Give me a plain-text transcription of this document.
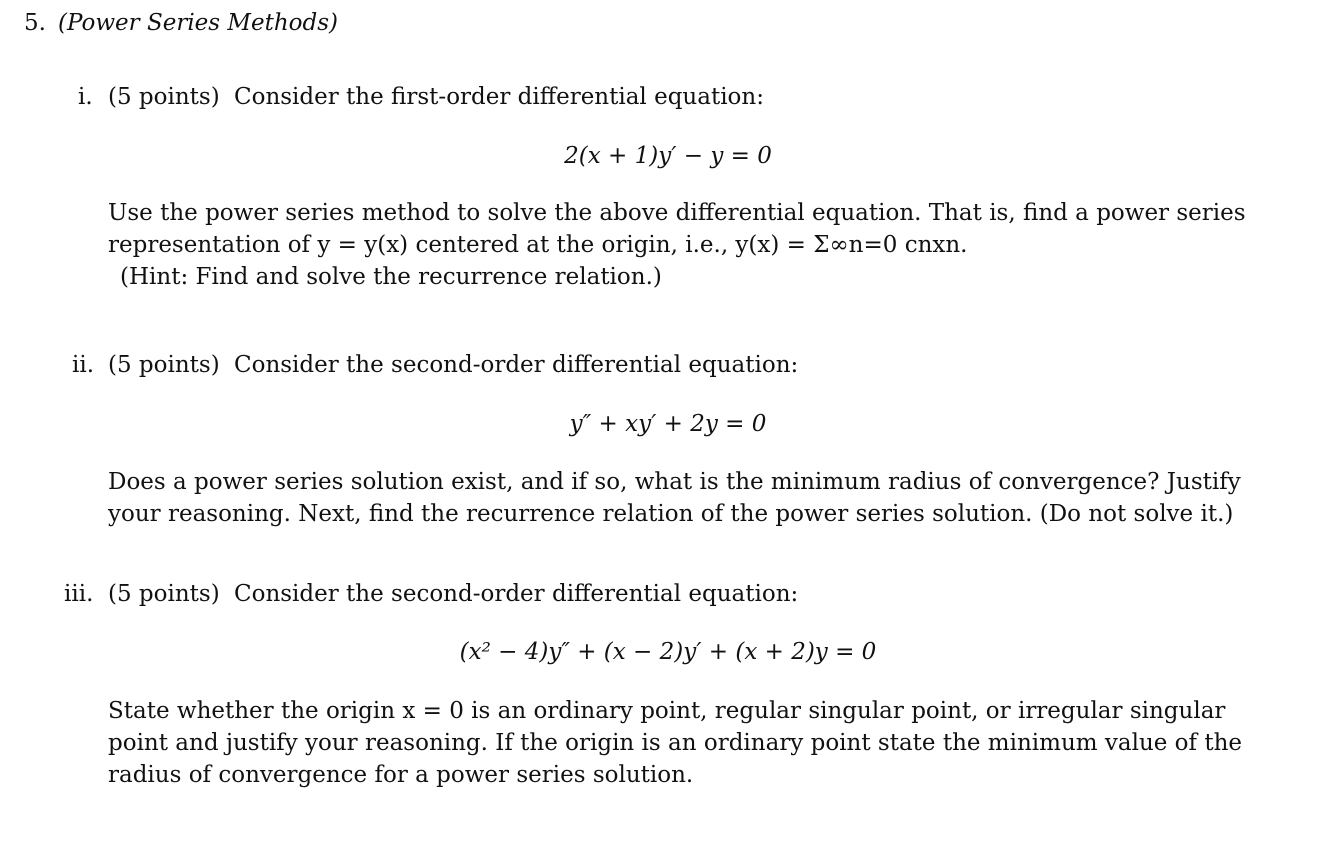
5. (Power Series Methods)
i. (5 points) Consider the first-order differential equation:
2(x + 1)y′ − y = 0
Use the power series method to solve the above differential equation. That is, find a power series
representation of y = y(x) centered at the origin, i.e., y(x) = Σ∞n=0 cnxn.
(Hint: Find and solve the recurrence relation.)
ii. (5 points) Consider the second-order differential equation:
y″ + xy′ + 2y = 0
Does a power series solution exist, and if so, what is the minimum radius of convergence? Justify
your reasoning. Next, find the recurrence relation of the power series solution. (Do not solve it.)
iii. (5 points) Consider the second-order differential equation:
(x² − 4)y″ + (x − 2)y′ + (x + 2)y = 0
State whether the origin x = 0 is an ordinary point, regular singular point, or irregular singular
point and justify your reasoning. If the origin is an ordinary point state the minimum value of the
radius of convergence for a power series solution.
